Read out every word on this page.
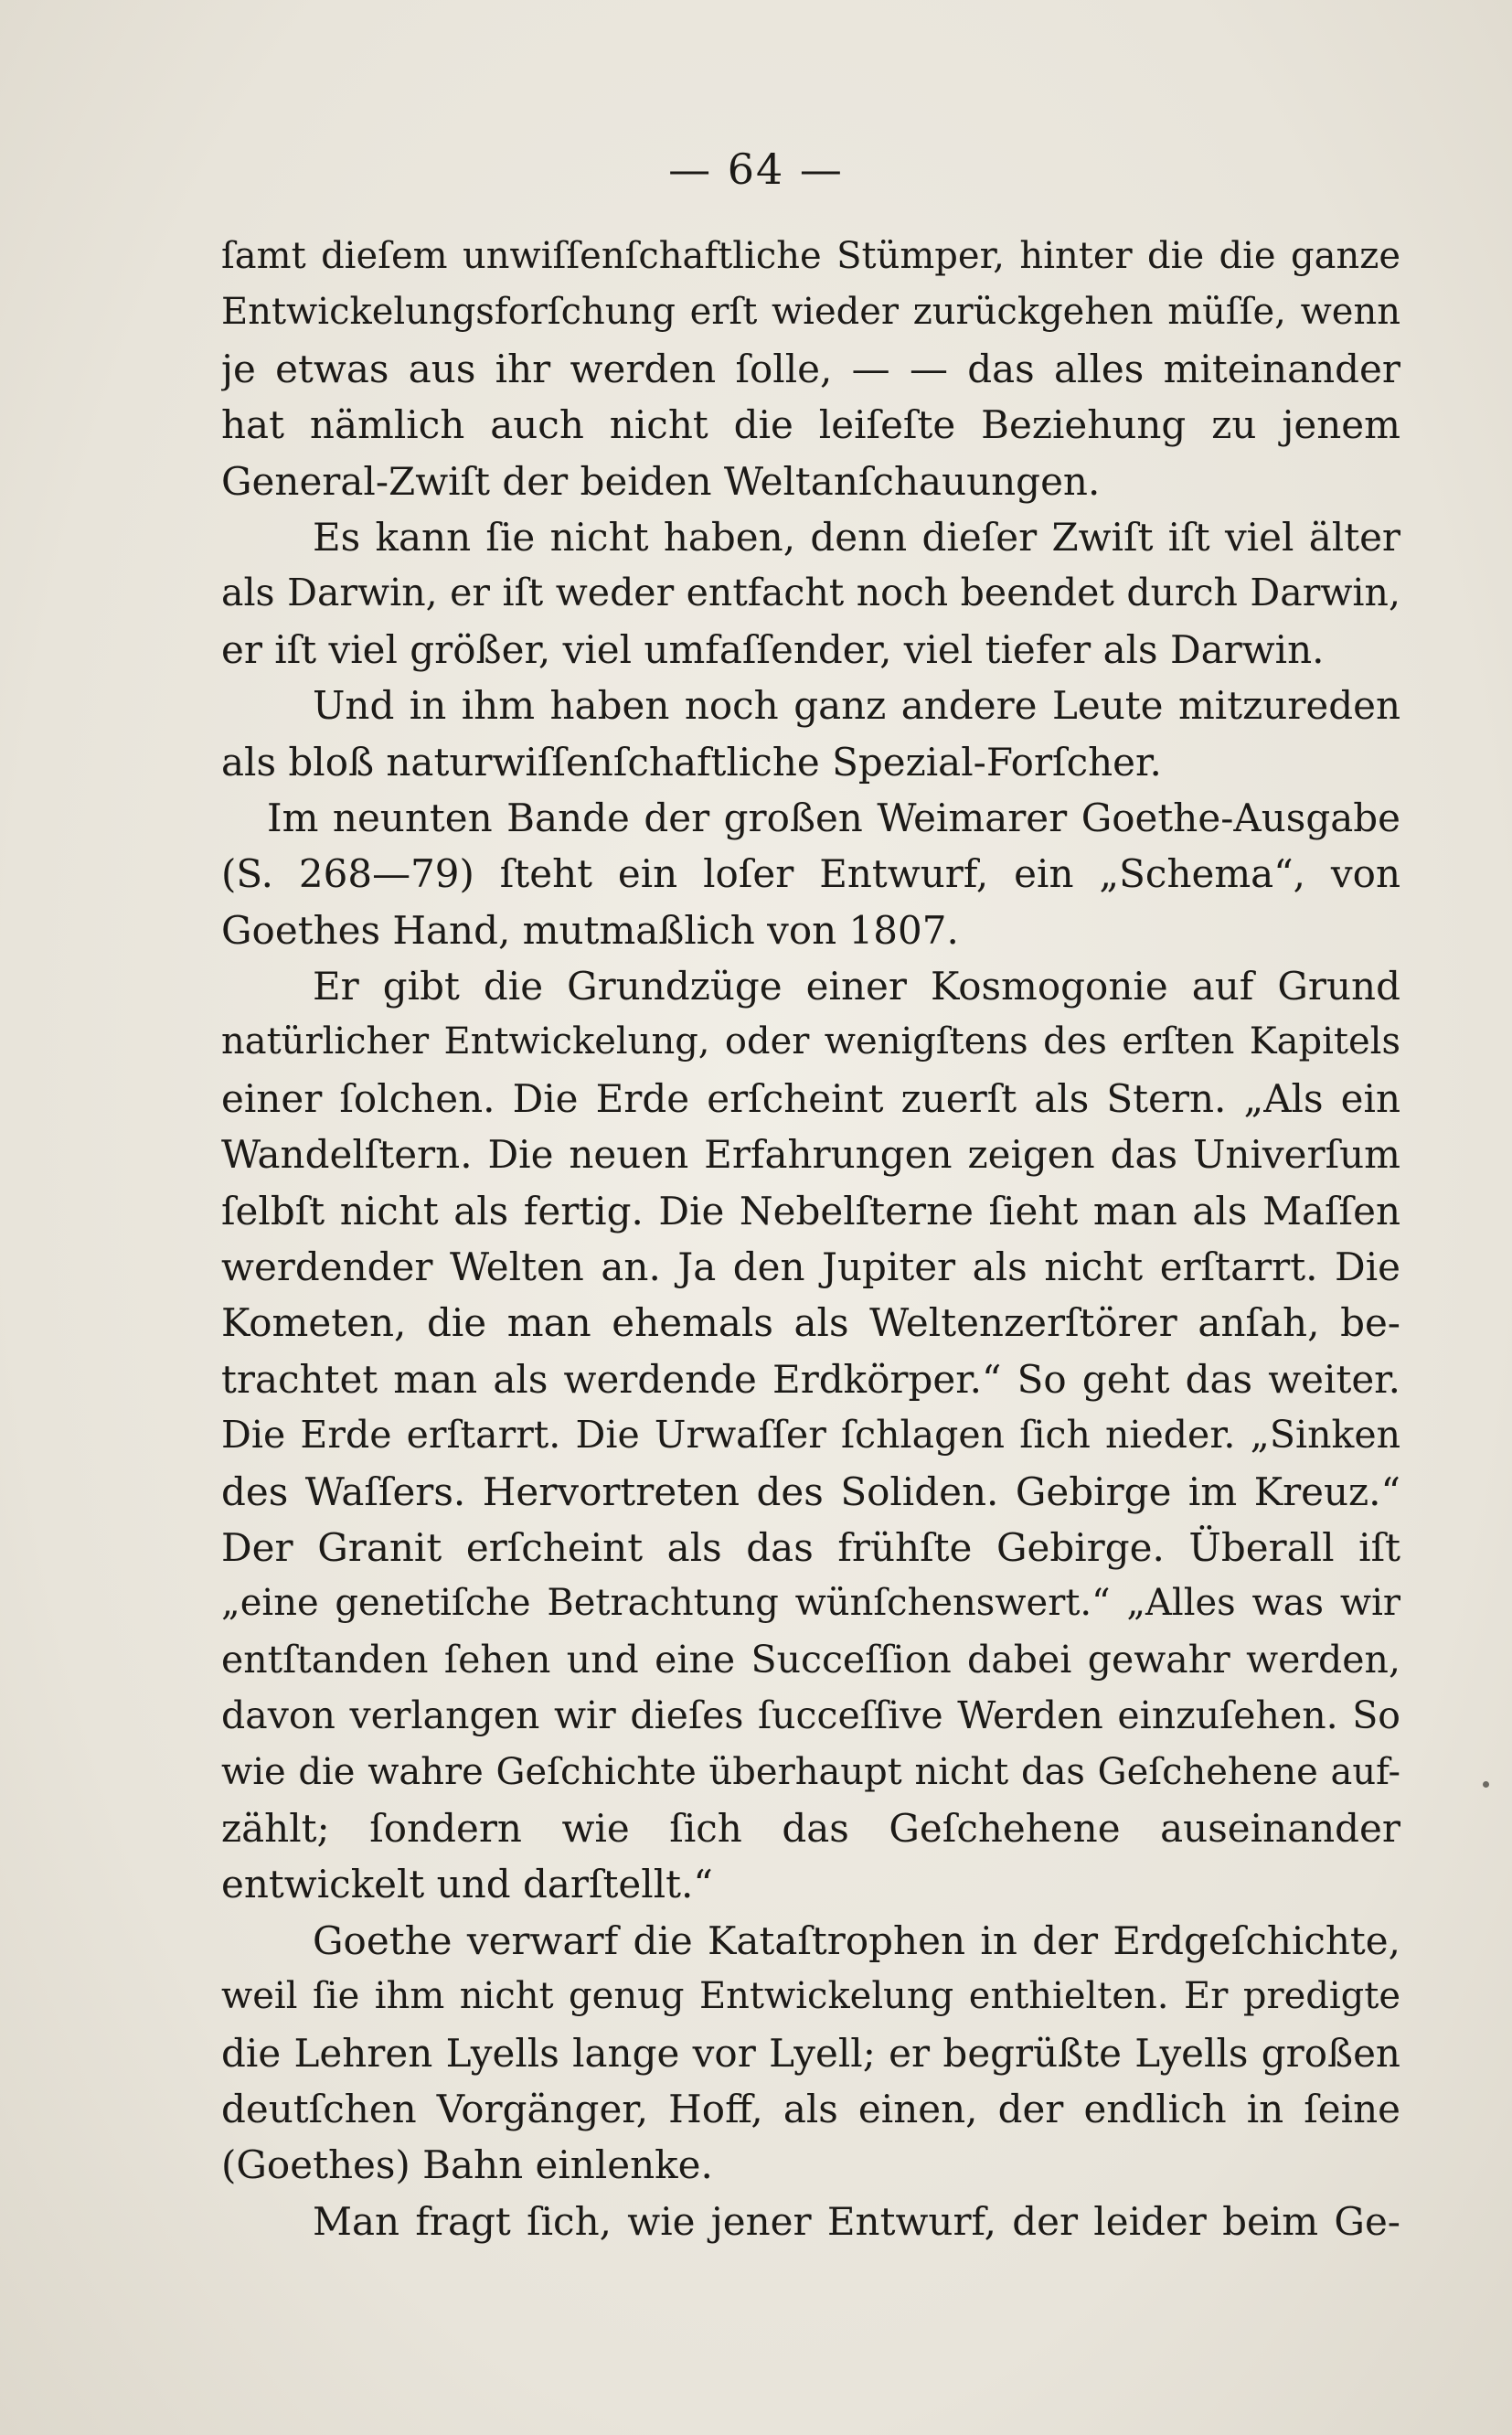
— 64 —
ſamt dieſem unwiſſenſchaftliche Stümper, hinter die die ganze
Entwickelungsforſchung erſt wieder zurückgehen müſſe, wenn
je etwas aus ihr werden ſolle, — — das alles miteinander
hat nämlich auch nicht die leiſeſte Beziehung zu jenem
General-Zwiſt der beiden Weltanſchauungen.
Es kann ſie nicht haben, denn dieſer Zwiſt iſt viel älter
als Darwin, er iſt weder entfacht noch beendet durch Darwin,
er iſt viel größer, viel umfaſſender, viel tiefer als Darwin.
Und in ihm haben noch ganz andere Leute mitzureden
als bloß naturwiſſenſchaftliche Spezial-Forſcher.
Im neunten Bande der großen Weimarer Goethe-Ausgabe
(S. 268—79) ſteht ein loſer Entwurf, ein „Schema“, von
Goethes Hand, mutmaßlich von 1807.
Er gibt die Grundzüge einer Kosmogonie auf Grund
natürlicher Entwickelung, oder wenigſtens des erſten Kapitels
einer ſolchen. Die Erde erſcheint zuerſt als Stern. „Als ein
Wandelſtern. Die neuen Erfahrungen zeigen das Univerſum
ſelbſt nicht als fertig. Die Nebelſterne ſieht man als Maſſen
werdender Welten an. Ja den Jupiter als nicht erſtarrt. Die
Kometen, die man ehemals als Weltenzerſtörer anſah, be-
trachtet man als werdende Erdkörper.“ So geht das weiter.
Die Erde erſtarrt. Die Urwaſſer ſchlagen ſich nieder. „Sinken
des Waſſers. Hervortreten des Soliden. Gebirge im Kreuz.“
Der Granit erſcheint als das frühſte Gebirge. Überall iſt
„eine genetiſche Betrachtung wünſchenswert.“ „Alles was wir
entſtanden ſehen und eine Succeſſion dabei gewahr werden,
davon verlangen wir dieſes ſucceſſive Werden einzuſehen. So
wie die wahre Geſchichte überhaupt nicht das Geſchehene auf-
zählt; ſondern wie ſich das Geſchehene auseinander
entwickelt und darſtellt.“
Goethe verwarf die Kataſtrophen in der Erdgeſchichte,
weil ſie ihm nicht genug Entwickelung enthielten. Er predigte
die Lehren Lyells lange vor Lyell; er begrüßte Lyells großen
deutſchen Vorgänger, Hoff, als einen, der endlich in ſeine
(Goethes) Bahn einlenke.
Man fragt ſich, wie jener Entwurf, der leider beim Ge-
